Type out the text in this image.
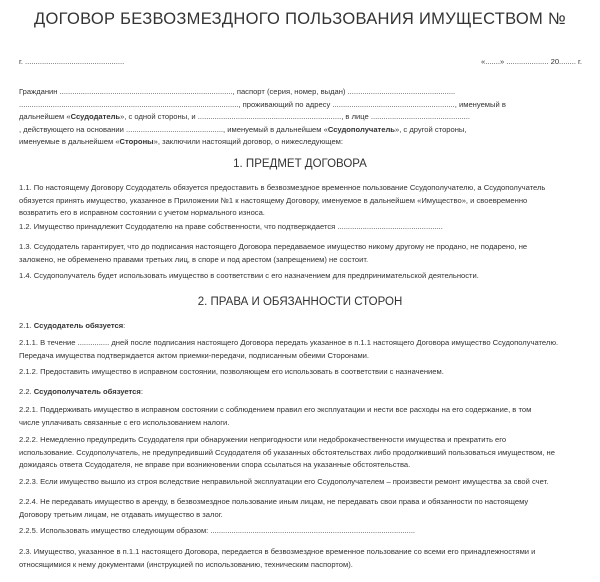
ДОГОВОР БЕЗВОЗМЕЗДНОГО ПОЛЬЗОВАНИЯ ИМУЩЕСТВОМ №
г. ...............................................	«.......» .................... 20........ г.
Гражданин .................................................................................., паспорт (серия, номер, выдан) ...................................................
........................................................................................................, проживающий по адресу .........................................................., именуемый в
дальнейшем «Ссудодатель», с одной стороны, и ...................................................................., в лице ...............................................
, действующего на основании .............................................., именуемый в дальнейшем «Ссудополучатель», с другой стороны,
именуемые в дальнейшем «Стороны», заключили настоящий договор, о нижеследующем:
1. ПРЕДМЕТ ДОГОВОРА
1.1. По настоящему Договору Ссудодатель обязуется предоставить в безвозмездное временное пользование Ссудополучателю, а Ссудополучатель
обязуется принять имущество, указанное в Приложении №1 к настоящему Договору, именуемое в дальнейшем «Имущество», и своевременно
возвратить его в исправном состоянии с учетом нормального износа.
1.2. Имущество принадлежит Ссудодателю на праве собственности, что подтверждается ..................................................
1.3. Ссудодатель гарантирует, что до подписания настоящего Договора передаваемое имущество никому другому не продано, не подарено, не
заложено, не обременено правами третьих лиц, в споре и под арестом (запрещением) не состоит.
1.4. Ссудополучатель будет использовать имущество в соответствии с его назначением для предпринимательской деятельности.
2. ПРАВА И ОБЯЗАННОСТИ СТОРОН
2.1. Ссудодатель обязуется:
2.1.1. В течение ............... дней после подписания настоящего Договора передать указанное в п.1.1 настоящего Договора имущество Ссудополучателю.
Передача имущества подтверждается актом приемки-передачи, подписанным обеими Сторонами.
2.1.2. Предоставить имущество в исправном состоянии, позволяющем его использовать в соответствии с назначением.
2.2. Ссудополучатель обязуется:
2.2.1. Поддерживать имущество в исправном состоянии с соблюдением правил его эксплуатации и нести все расходы на его содержание, в том
числе уплачивать связанные с его использованием налоги.
2.2.2. Немедленно предупредить Ссудодателя при обнаружении непригодности или недоброкачественности имущества и прекратить его
использование. Ссудополучатель, не предупредивший Ссудодателя об указанных обстоятельствах либо продолживший пользоваться имуществом, не
дожидаясь ответа Ссудодателя, не вправе при возникновении спора ссылаться на указанные обстоятельства.
2.2.3. Если имущество вышло из строя вследствие неправильной эксплуатации его Ссудополучателем – произвести ремонт имущества за свой счет.
2.2.4. Не передавать имущество в аренду, в безвозмездное пользование иным лицам, не передавать свои права и обязанности по настоящему
Договору третьим лицам, не отдавать имущество в залог.
2.2.5. Использовать имущество следующим образом: .................................................................................................
2.3. Имущество, указанное в п.1.1 настоящего Договора, передается в безвозмездное временное пользование со всеми его принадлежностями и
относящимися к нему документами (инструкцией по использованию, техническим паспортом).
